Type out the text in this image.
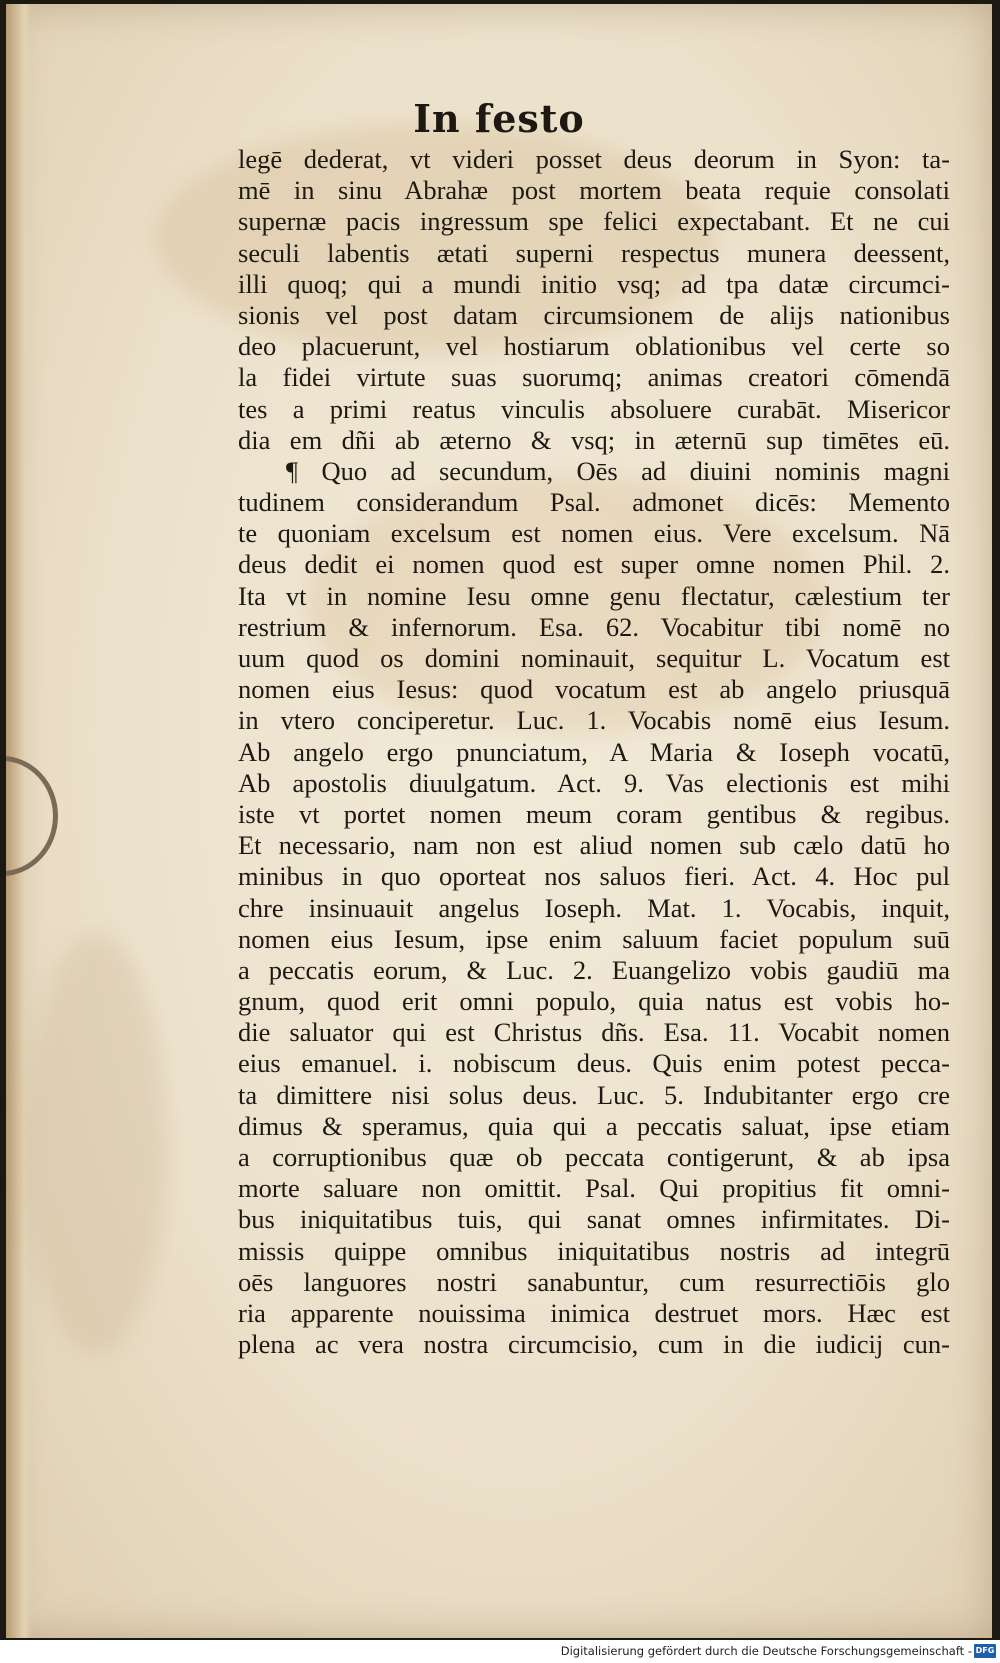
In festo
legē dederat, vt videri posset deus deorum in Syon: ta-
mē in sinu Abrahæ post mortem beata requie consolati
supernæ pacis ingressum spe felici expectabant. Et ne cui
seculi labentis ætati superni respectus munera deessent,
illi quoq; qui a mundi initio vsq; ad tpa datæ circumci-
sionis vel post datam circumsionem de alijs nationibus
deo placuerunt, vel hostiarum oblationibus vel certe so
la fidei virtute suas suorumq; animas creatori cōmendā
tes a primi reatus vinculis absoluere curabāt. Misericor
dia em dñi ab æterno & vsq; in æternū sup timētes eū.
¶ Quo ad secundum, Oēs ad diuini nominis magni
tudinem considerandum Psal. admonet dicēs: Memento
te quoniam excelsum est nomen eius. Vere excelsum. Nā
deus dedit ei nomen quod est super omne nomen Phil. 2.
Ita vt in nomine Iesu omne genu flectatur, cælestium ter
restrium & infernorum. Esa. 62. Vocabitur tibi nomē no
uum quod os domini nominauit, sequitur L. Vocatum est
nomen eius Iesus: quod vocatum est ab angelo priusquā
in vtero conciperetur. Luc. 1. Vocabis nomē eius Iesum.
Ab angelo ergo pnunciatum, A Maria & Ioseph vocatū,
Ab apostolis diuulgatum. Act. 9. Vas electionis est mihi
iste vt portet nomen meum coram gentibus & regibus.
Et necessario, nam non est aliud nomen sub cælo datū ho
minibus in quo oporteat nos saluos fieri. Act. 4. Hoc pul
chre insinuauit angelus Ioseph. Mat. 1. Vocabis, inquit,
nomen eius Iesum, ipse enim saluum faciet populum suū
a peccatis eorum, & Luc. 2. Euangelizo vobis gaudiū ma
gnum, quod erit omni populo, quia natus est vobis ho-
die saluator qui est Christus dñs. Esa. 11. Vocabit nomen
eius emanuel. i. nobiscum deus. Quis enim potest pecca-
ta dimittere nisi solus deus. Luc. 5. Indubitanter ergo cre
dimus & speramus, quia qui a peccatis saluat, ipse etiam
a corruptionibus quæ ob peccata contigerunt, & ab ipsa
morte saluare non omittit. Psal. Qui propitius fit omni-
bus iniquitatibus tuis, qui sanat omnes infirmitates. Di-
missis quippe omnibus iniquitatibus nostris ad integrū
oēs languores nostri sanabuntur, cum resurrectiōis glo
ria apparente nouissima inimica destruet mors. Hæc est
plena ac vera nostra circumcisio, cum in die iudicij cun-
Digitalisierung gefördert durch die Deutsche Forschungsgemeinschaft - DFG
